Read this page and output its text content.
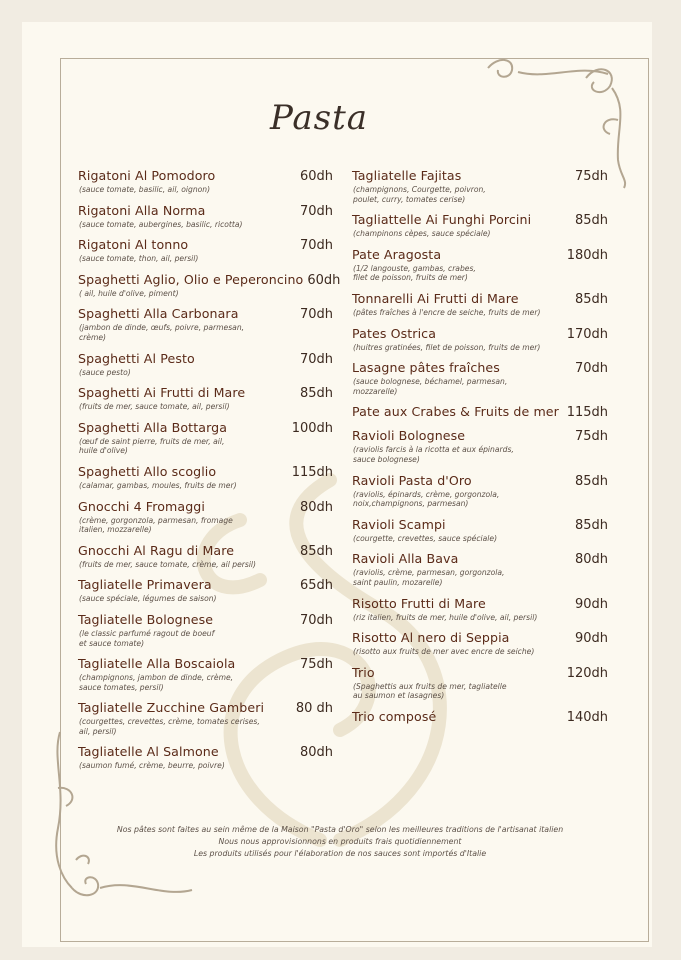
Pasta
Rigatoni Al Pomodoro	60dh
(sauce tomate, basilic, ail, oignon)
Rigatoni Alla Norma	70dh
(sauce tomate, aubergines, basilic, ricotta)
Rigatoni Al tonno	70dh
(sauce tomate, thon, ail, persil)
Spaghetti Aglio, Olio e Peperoncino 60dh
( ail, huile d'olive, piment)
Spaghetti Alla Carbonara	70dh
(jambon de dinde, œufs, poivre, parmesan,
crème)
Spaghetti Al Pesto	70dh
(sauce pesto)
Spaghetti Ai Frutti di Mare	85dh
(fruits de mer, sauce tomate, ail, persil)
Spaghetti Alla Bottarga	100dh
(œuf de saint pierre, fruits de mer, ail,
huile d'olive)
Spaghetti Allo scoglio	115dh
(calamar, gambas, moules, fruits de mer)
Gnocchi 4 Fromaggi	80dh
(crème, gorgonzola, parmesan, fromage
italien, mozzarelle)
Gnocchi Al Ragu di Mare	85dh
(fruits de mer, sauce tomate, crème, ail persil)
Tagliatelle Primavera	65dh
(sauce spéciale, légumes de saison)
Tagliatelle Bolognese	70dh
(le classic parfumé ragout de boeuf
et sauce tomate)
Tagliatelle Alla Boscaiola	75dh
(champignons, jambon de dinde, crème,
sauce tomates, persil)
Tagliatelle Zucchine Gamberi 80 dh
(courgettes, crevettes, crème, tomates cerises,
ail, persil)
Tagliatelle Al Salmone	80dh
(saumon fumé, crème, beurre, poivre)
Tagliatelle Fajitas	75dh
(champignons, Courgette, poivron,
poulet, curry, tomates cerise)
Tagliattelle Ai Funghi Porcini	85dh
(champinons cèpes, sauce spéciale)
Pate Aragosta	180dh
(1/2 langouste, gambas, crabes,
filet de poisson, fruits de mer)
Tonnarelli Ai Frutti di Mare	85dh
(pâtes fraîches à l'encre de seiche, fruits de mer)
Pates Ostrica	170dh
(huitres gratinées, filet de poisson, fruits de mer)
Lasagne pâtes fraîches	70dh
(sauce bolognese, béchamel, parmesan,
mozzarelle)
Pate aux Crabes & Fruits de mer 115dh
Ravioli Bolognese	75dh
(raviolis farcis à la ricotta et aux épinards,
sauce bolognese)
Ravioli Pasta d'Oro	85dh
(raviolis, épinards, crème, gorgonzola,
noix,champignons, parmesan)
Ravioli Scampi	85dh
(courgette, crevettes, sauce spéciale)
Ravioli Alla Bava	80dh
(raviolis, crème, parmesan, gorgonzola,
saint paulin, mozarelle)
Risotto Frutti di Mare	90dh
(riz italien, fruits de mer, huile d'olive, ail, persil)
Risotto Al nero di Seppia	90dh
(risotto aux fruits de mer avec encre de seiche)
Trio	120dh
(Spaghettis aux fruits de mer, tagliatelle
au saumon et lasagnes)
Trio composé	140dh
Nos pâtes sont faites au sein même de la Maison "Pasta d'Oro" selon les meilleures traditions de l'artisanat italien
Nous nous approvisionnons en produits frais quotidiennement
Les produits utilisés pour l'élaboration de nos sauces sont importés d'Italie
